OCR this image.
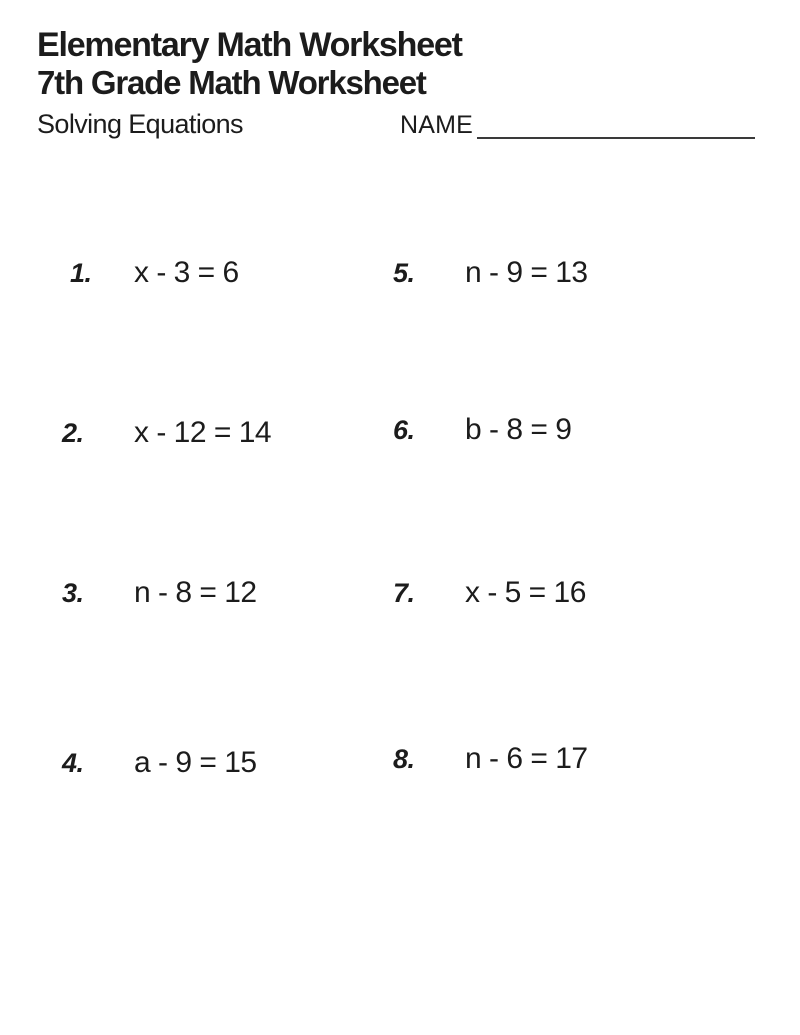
Elementary Math Worksheet
7th Grade Math Worksheet
Solving Equations	NAME
1.	x - 3 = 6
2.	x - 12 = 14
3.	n - 8 = 12
4.	a - 9 = 15
5.	n - 9 = 13
6.	b - 8 = 9
7.	x - 5 = 16
8.	n - 6 = 17
